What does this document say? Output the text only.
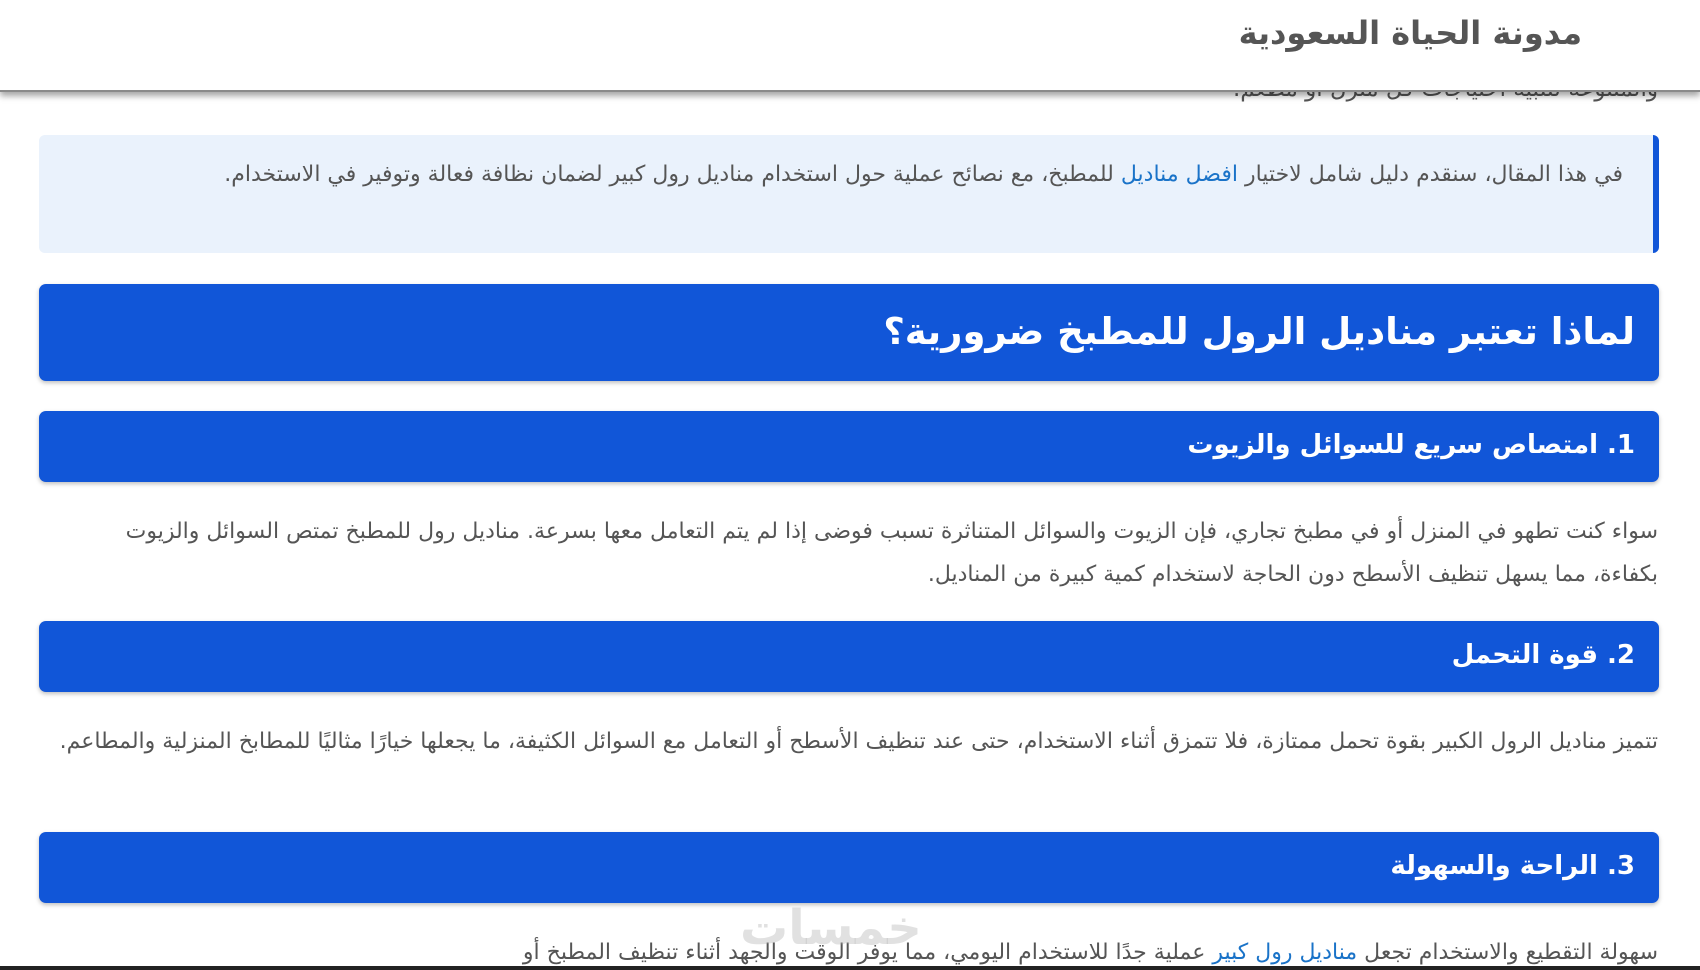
مدونة الحياة السعودية
في هذا المقال، سنقدم دليل شامل لاختيار افضل مناديل للمطبخ، مع نصائح عملية حول استخدام مناديل رول كبير لضمان نظافة فعالة وتوفير في الاستخدام.
لماذا تعتبر مناديل الرول للمطبخ ضرورية؟
1. امتصاص سريع للسوائل والزيوت
سواء كنت تطهو في المنزل أو في مطبخ تجاري، فإن الزيوت والسوائل المتناثرة تسبب فوضى إذا لم يتم التعامل معها بسرعة. مناديل رول للمطبخ تمتص السوائل والزيوت بكفاءة، مما يسهل تنظيف الأسطح دون الحاجة لاستخدام كمية كبيرة من المناديل.
2. قوة التحمل
تتميز مناديل الرول الكبير بقوة تحمل ممتازة، فلا تتمزق أثناء الاستخدام، حتى عند تنظيف الأسطح أو التعامل مع السوائل الكثيفة، ما يجعلها خيارًا مثاليًا للمطابخ المنزلية والمطاعم.
3. الراحة والسهولة
سهولة التقطيع والاستخدام تجعل مناديل رول كبير عملية جدًا للاستخدام اليومي، مما يوفر الوقت والجهد أثناء تنظيف المطبخ أو
خمسات
